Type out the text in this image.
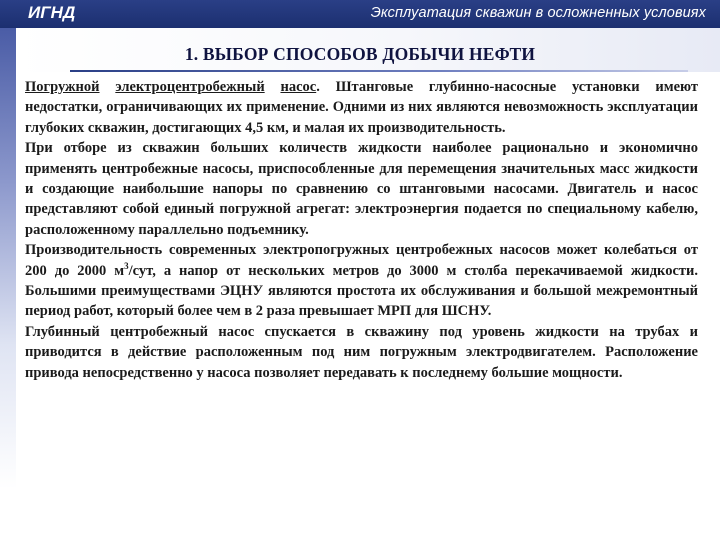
ИГНД	Эксплуатация скважин в осложненных условиях
1. ВЫБОР СПОСОБОВ ДОБЫЧИ НЕФТИ

Погружной электроцентробежный насос. Штанговые глубинно-насосные установки имеют недостатки, ограничивающих их применение. Одними из них являются невозможность эксплуатации глубоких скважин, достигающих 4,5 км, и малая их производительность.

При отборе из скважин больших количеств жидкости наиболее рационально и экономично применять центробежные насосы, приспособленные для перемещения значительных масс жидкости и создающие наибольшие напоры по сравнению со штанговыми насосами. Двигатель и насос представляют собой единый погружной агрегат: электроэнергия подается по специальному кабелю, расположенному параллельно подъемнику.

Производительность современных электропогружных центробежных насосов может колебаться от 200 до 2000 $м^3$/сут, а напор от нескольких метров до 3000 м столба перекачиваемой жидкости. Большими преимуществами ЭЦНУ являются простота их обслуживания и большой межремонтный период работ, который более чем в 2 раза превышает МРП для ШСНУ.

Глубинный центробежный насос спускается в скважину под уровень жидкости на трубах и приводится в действие расположенным под ним погружным электродвигателем. Расположение привода непосредственно у насоса позволяет передавать к последнему большие мощности.
